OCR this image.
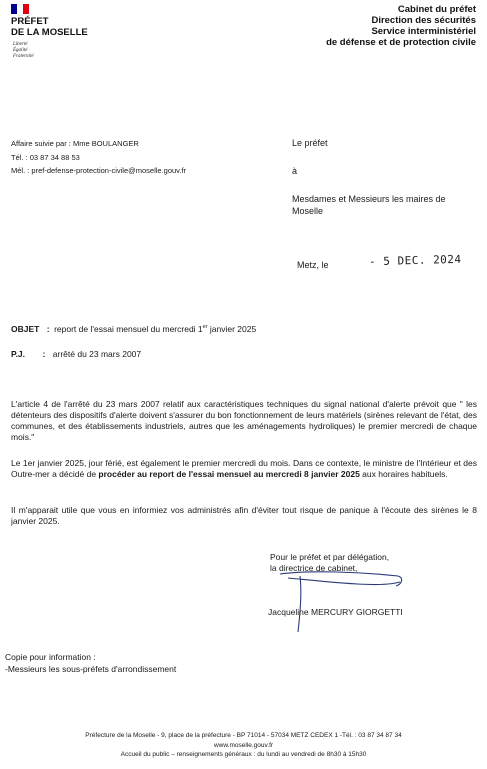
PRÉFET
DE LA MOSELLE
Liberté
Égalité
Fraternité
Cabinet du préfet
Direction des sécurités
Service interministériel
de défense et de protection civile
Affaire suivie par : Mme BOULANGER
Tél. : 03 87 34 88 53
Mél. : pref-defense-protection-civile@moselle.gouv.fr
Le préfet
à
Mesdames et Messieurs les maires de
Moselle
Metz, le	- 5 DEC. 2024
OBJET : report de l'essai mensuel du mercredi 1er janvier 2025
P.J. : arrêté du 23 mars 2007
L'article 4 de l'arrêté du 23 mars 2007 relatif aux caractéristiques techniques du signal national d'alerte prévoit que " les détenteurs des dispositifs d'alerte doivent s'assurer du bon fonctionnement de leurs matériels (sirènes relevant de l'état, des communes, et des établissements industriels, autres que les aménagements hydroliques) le premier mercredi de chaque mois."
Le 1er janvier 2025, jour férié, est également le premier mercredi du mois. Dans ce contexte, le ministre de l'Intérieur et des Outre-mer a décidé de procéder au report de l'essai mensuel au mercredi 8 janvier 2025 aux horaires habituels.
Il m'apparait utile que vous en informiez vos administrés afin d'éviter tout risque de panique à l'écoute des sirènes le 8 janvier 2025.
Pour le préfet et par délégation,
la directrice de cabinet,
Jacqueline MERCURY GIORGETTI
Copie pour information :
-Messieurs les sous-préfets d'arrondissement
Préfecture de la Moselle - 9, place de la préfecture - BP 71014 - 57034 METZ CEDEX 1 -Tél. : 03 87 34 87 34
www.moselle.gouv.fr
Accueil du public – renseignements généraux : du lundi au vendredi de 8h30 à 15h30
